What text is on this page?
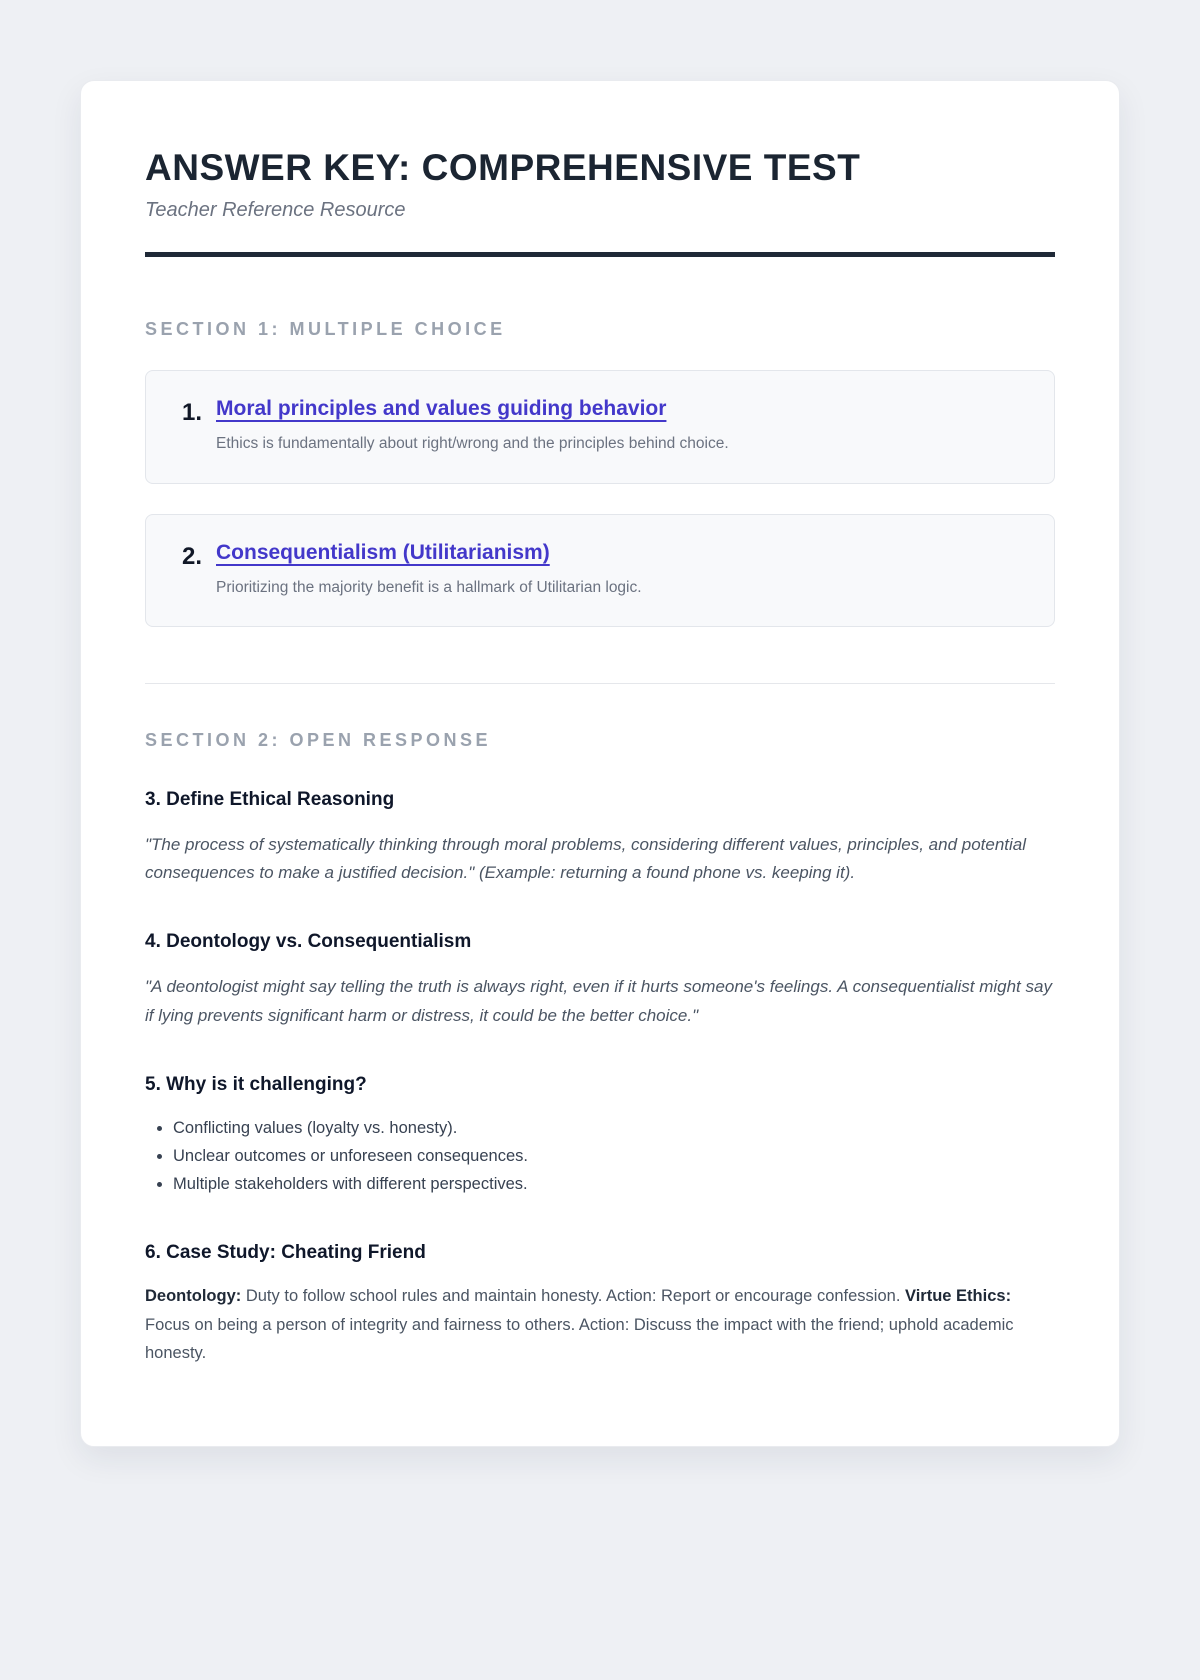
ANSWER KEY: COMPREHENSIVE TEST
Teacher Reference Resource
SECTION 1: MULTIPLE CHOICE
1. Moral principles and values guiding behavior
Ethics is fundamentally about right/wrong and the principles behind choice.
2. Consequentialism (Utilitarianism)
Prioritizing the majority benefit is a hallmark of Utilitarian logic.
SECTION 2: OPEN RESPONSE
3. Define Ethical Reasoning

"The process of systematically thinking through moral problems, considering different values, principles, and potential consequences to make a justified decision." (Example: returning a found phone vs. keeping it).

4. Deontology vs. Consequentialism

"A deontologist might say telling the truth is always right, even if it hurts someone's feelings. A consequentialist might say if lying prevents significant harm or distress, it could be the better choice."

5. Why is it challenging?
• Conflicting values (loyalty vs. honesty).
• Unclear outcomes or unforeseen consequences.
• Multiple stakeholders with different perspectives.
6. Case Study: Cheating Friend
Deontology: Duty to follow school rules and maintain honesty. Action: Report or encourage confession. Virtue Ethics: Focus on being a person of integrity and fairness to others. Action: Discuss the impact with the friend; uphold academic honesty.
